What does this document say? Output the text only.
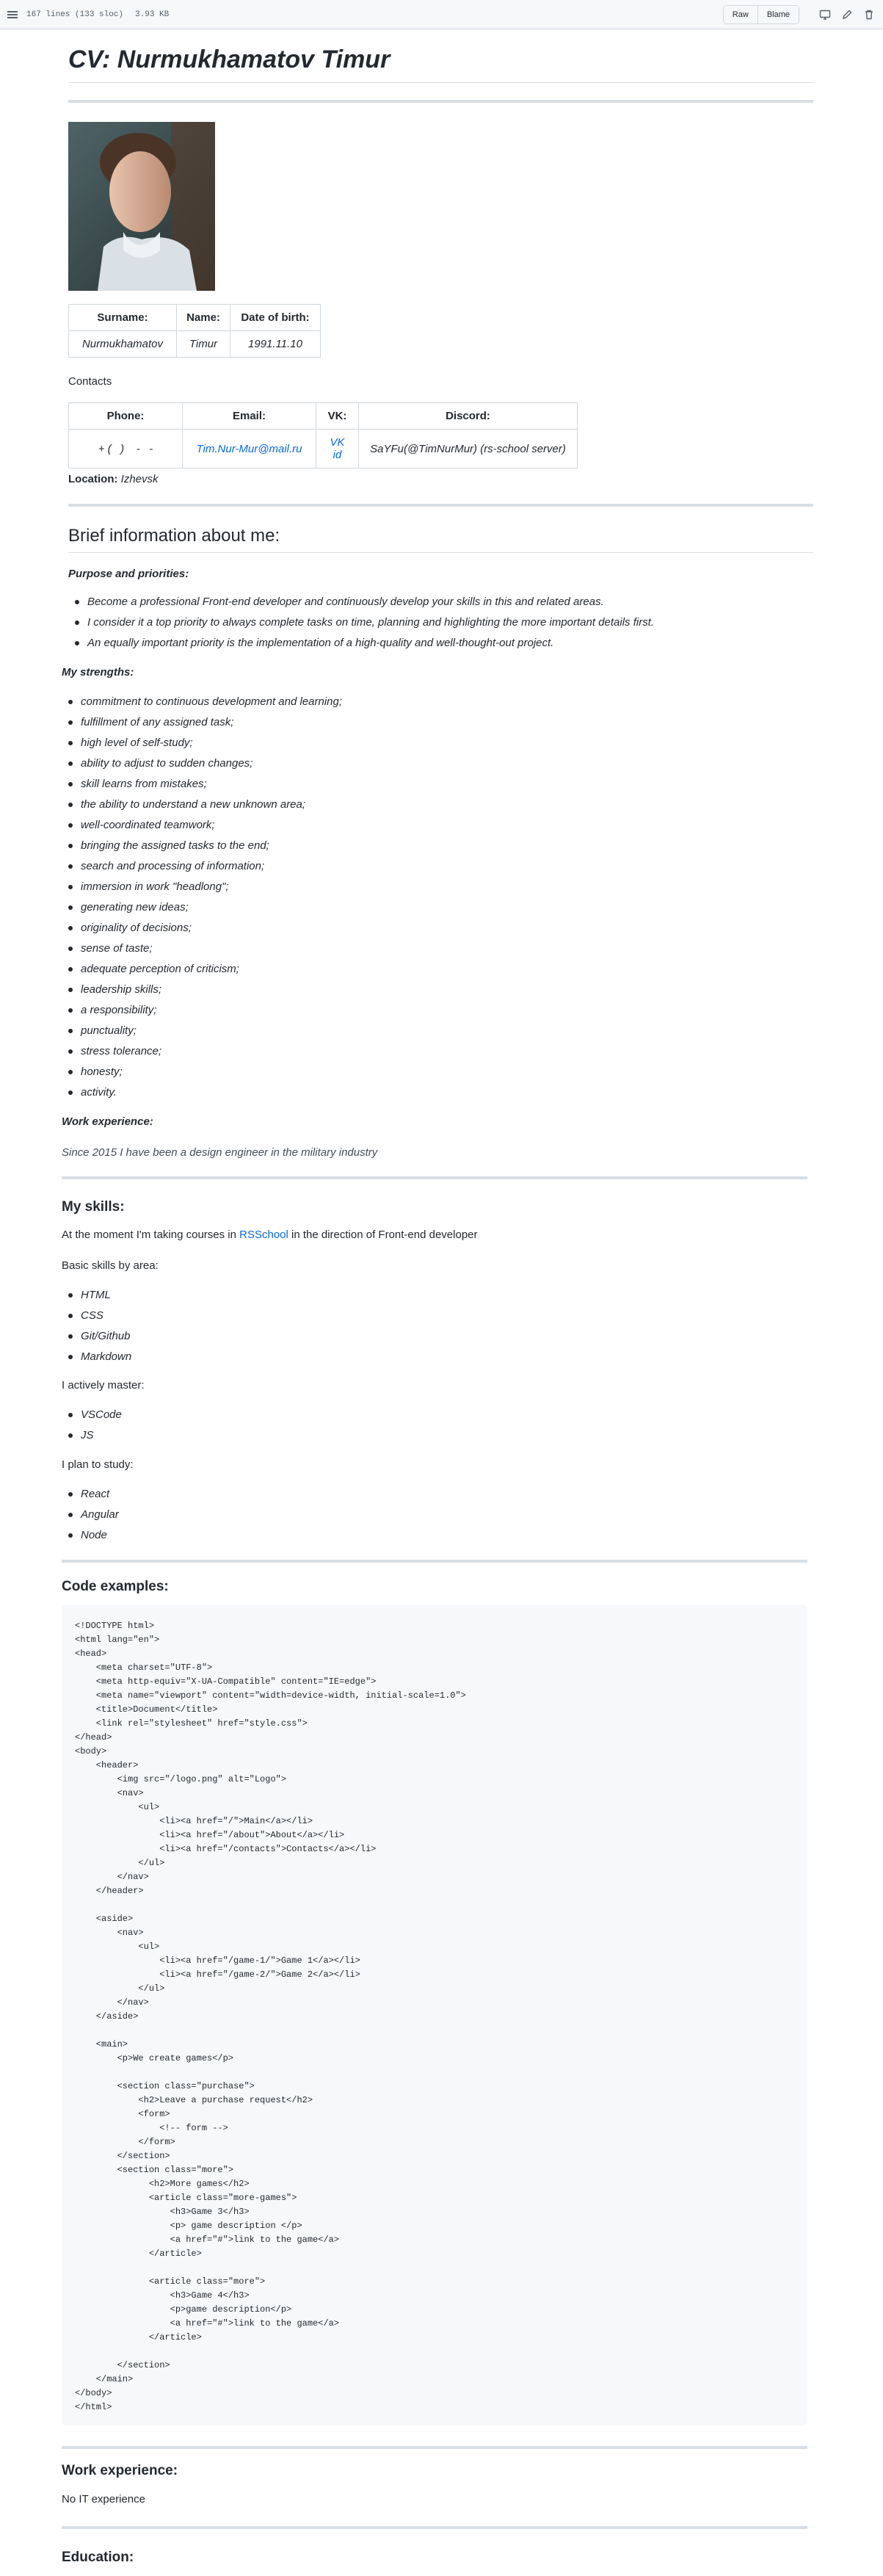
167 lines (133 sloc) 3.93 KB	Raw	Blame
CV: Nurmukhamatov Timur
Surname:	Name:	Date of birth:
Nurmukhamatov	Timur	1991.11.10
Contacts
Phone:	Email:	VK:	Discord:
+ (   )    -   -	Tim.Nur-Mur@mail.ru	VK id	SaYFu(@TimNurMur) (rs-school server)
Location: Izhevsk
Brief information about me:
Purpose and priorities:
Become a professional Front-end developer and continuously develop your skills in this and related areas.
I consider it a top priority to always complete tasks on time, planning and highlighting the more important details first.
An equally important priority is the implementation of a high-quality and well-thought-out project.
My strengths:
commitment to continuous development and learning;
fulfillment of any assigned task;
high level of self-study;
ability to adjust to sudden changes;
skill learns from mistakes;
the ability to understand a new unknown area;
well-coordinated teamwork;
bringing the assigned tasks to the end;
search and processing of information;
immersion in work "headlong";
generating new ideas;
originality of decisions;
sense of taste;
adequate perception of criticism;
leadership skills;
a responsibility;
punctuality;
stress tolerance;
honesty;
activity.
Work experience:
Since 2015 I have been a design engineer in the military industry
My skills:
At the moment I'm taking courses in RSSchool in the direction of Front-end developer
Basic skills by area:
HTML
CSS
Git/Github
Markdown
I actively master:
VSCode
JS
I plan to study:
React
Angular
Node
Code examples:
<!DOCTYPE html>
<html lang="en">
<head>
<meta charset="UTF-8">
<meta http-equiv="X-UA-Compatible" content="IE=edge">
<meta name="viewport" content="width=device-width, initial-scale=1.0">
<title>Document</title>
<link rel="stylesheet" href="style.css">
</head>
<body>
<header>
<img src="/logo.png" alt="Logo">
<nav>
<ul>
<li><a href="/">Main</a></li>
<li><a href="/about">About</a></li>
<li><a href="/contacts">Contacts</a></li>
</ul>
</nav>
</header>

<aside>
<nav>
<ul>
<li><a href="/game-1/">Game 1</a></li>
<li><a href="/game-2/">Game 2</a></li>
</ul>
</nav>
</aside>

<main>
<p>We create games</p>

<section class="purchase">
<h2>Leave a purchase request</h2>
<form>
<!-- form -->
</form>
</section>
<section class="more">
<h2>More games</h2>
<article class="more-games">
<h3>Game 3</h3>
<p> game description </p>
<a href="#">link to the game</a>
</article>

<article class="more">
<h3>Game 4</h3>
<p>game description</p>
<a href="#">link to the game</a>
</article>

</section>
</main>
</body>
</html>
Work experience:
No IT experience
Education:
